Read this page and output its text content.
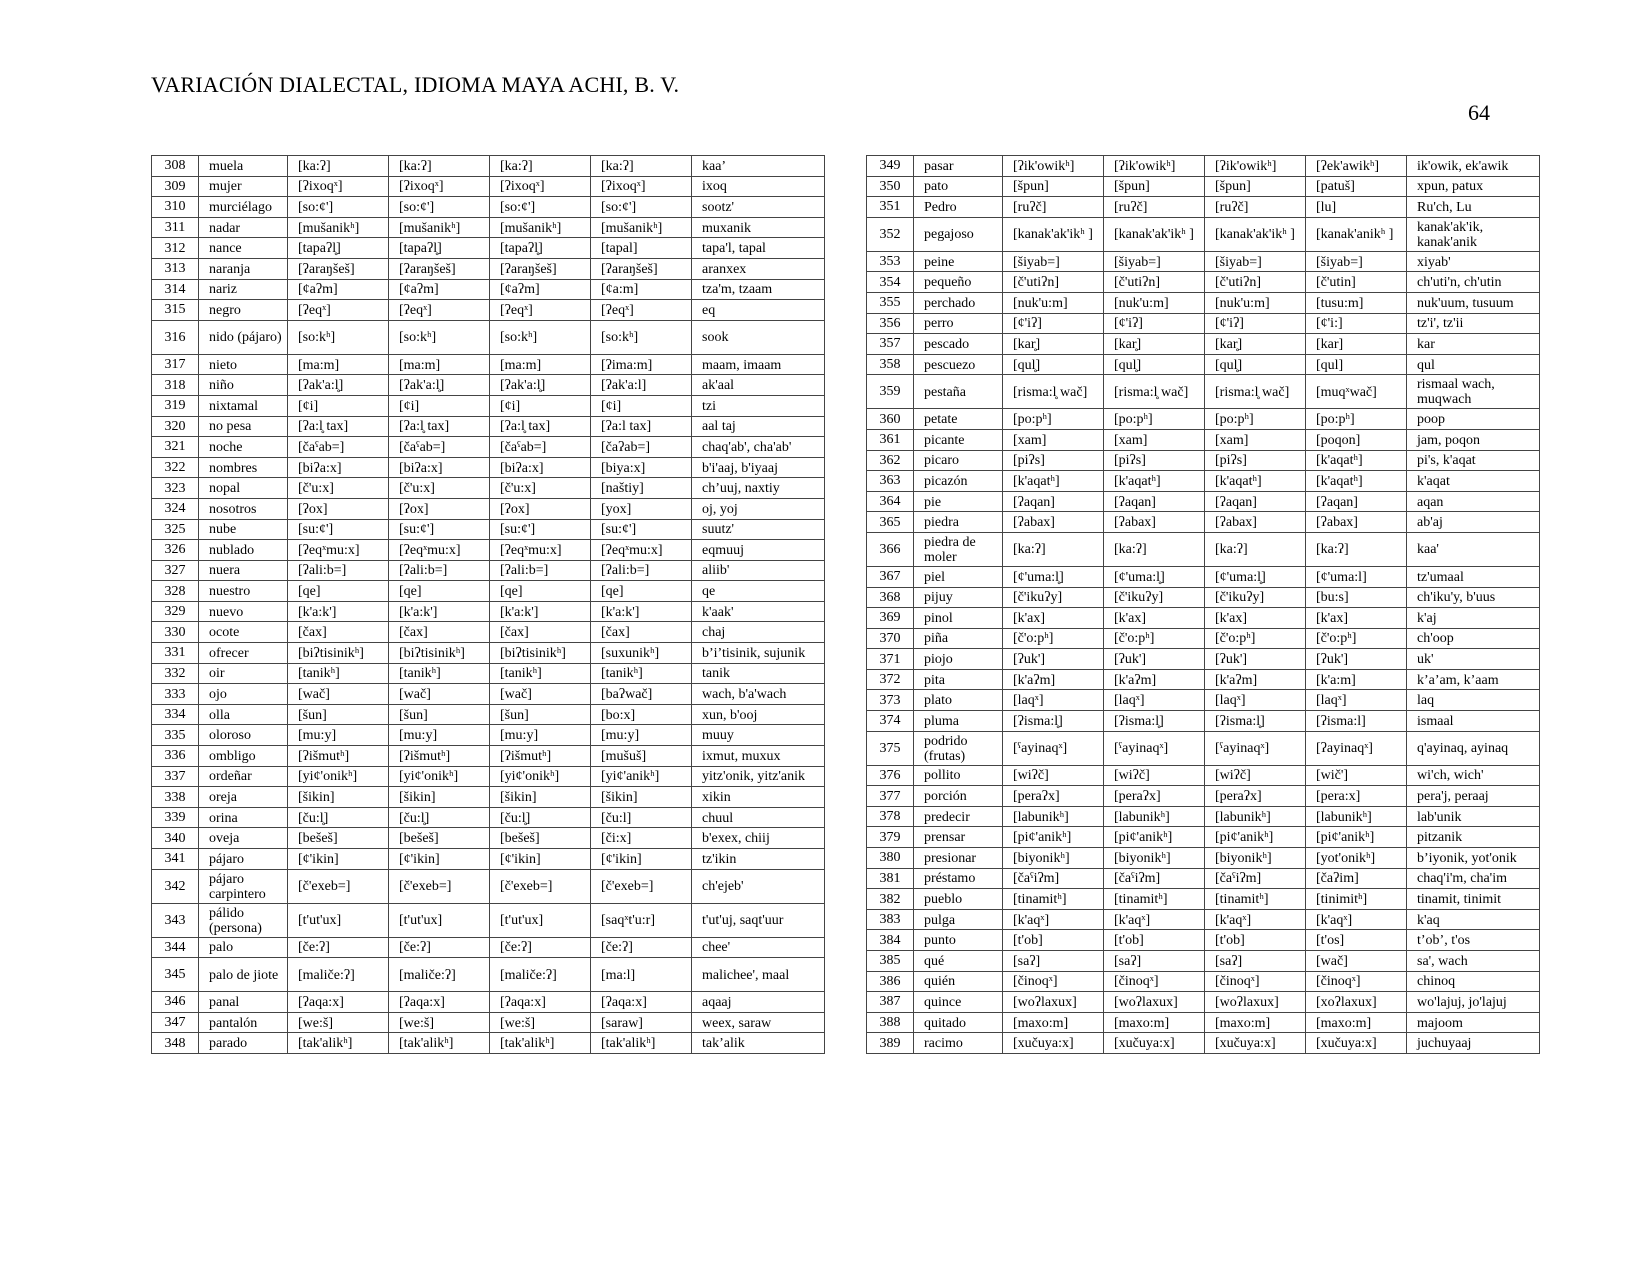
VARIACIÓN DIALECTAL, IDIOMA MAYA ACHI, B. V.
64
308	muela	[ka:ʔ]	[ka:ʔ]	[ka:ʔ]	[ka:ʔ]	kaa’
309	mujer	[ʔixoqˣ]	[ʔixoqˣ]	[ʔixoqˣ]	[ʔixoqˣ]	ixoq
310	murciélago	[so:ȼ']	[so:ȼ']	[so:ȼ']	[so:ȼ']	sootz'
311	nadar	[mušanikʰ]	[mušanikʰ]	[mušanikʰ]	[mušanikʰ]	muxanik
312	nance	[tapaʔl̥]	[tapaʔl̥]	[tapaʔl̥]	[tapal]	tapa'l, tapal
313	naranja	[ʔaraŋšeš]	[ʔaraŋšeš]	[ʔaraŋšeš]	[ʔaraŋšeš]	aranxex
314	nariz	[ȼaʔm]	[ȼaʔm]	[ȼaʔm]	[ȼa:m]	tza'm, tzaam
315	negro	[ʔeqˣ]	[ʔeqˣ]	[ʔeqˣ]	[ʔeqˣ]	eq
316	nido (pájaro)	[so:kʰ]	[so:kʰ]	[so:kʰ]	[so:kʰ]	sook
317	nieto	[ma:m]	[ma:m]	[ma:m]	[ʔima:m]	maam, imaam
318	niño	[ʔak'a:l̥]	[ʔak'a:l̥]	[ʔak'a:l̥]	[ʔak'a:l]	ak'aal
319	nixtamal	[ȼi]	[ȼi]	[ȼi]	[ȼi]	tzi
320	no pesa	[ʔa:l̥ tax]	[ʔa:l̥ tax]	[ʔa:l̥ tax]	[ʔa:l tax]	aal taj
321	noche	[čaˤab=]	[čaˤab=]	[čaˤab=]	[čaʔab=]	chaq'ab', cha'ab'
322	nombres	[biʔa:x]	[biʔa:x]	[biʔa:x]	[biya:x]	b'i'aaj, b'iyaaj
323	nopal	[č'u:x]	[č'u:x]	[č'u:x]	[naštiy]	ch’uuj, naxtiy
324	nosotros	[ʔox]	[ʔox]	[ʔox]	[yox]	oj, yoj
325	nube	[su:ȼ']	[su:ȼ']	[su:ȼ']	[su:ȼ']	suutz'
326	nublado	[ʔeqˣmu:x]	[ʔeqˣmu:x]	[ʔeqˣmu:x]	[ʔeqˣmu:x]	eqmuuj
327	nuera	[ʔali:b=]	[ʔali:b=]	[ʔali:b=]	[ʔali:b=]	aliib'
328	nuestro	[qe]	[qe]	[qe]	[qe]	qe
329	nuevo	[k'a:k']	[k'a:k']	[k'a:k']	[k'a:k']	k'aak'
330	ocote	[čax]	[čax]	[čax]	[čax]	chaj
331	ofrecer	[biʔtisinikʰ]	[biʔtisinikʰ]	[biʔtisinikʰ]	[suxunikʰ]	b’i’tisinik, sujunik
332	oir	[tanikʰ]	[tanikʰ]	[tanikʰ]	[tanikʰ]	tanik
333	ojo	[wač]	[wač]	[wač]	[baʔwač]	wach, b'a'wach
334	olla	[šun]	[šun]	[šun]	[bo:x]	xun, b'ooj
335	oloroso	[mu:y]	[mu:y]	[mu:y]	[mu:y]	muuy
336	ombligo	[ʔišmutʰ]	[ʔišmutʰ]	[ʔišmutʰ]	[mušuš]	ixmut, muxux
337	ordeñar	[yiȼ'onikʰ]	[yiȼ'onikʰ]	[yiȼ'onikʰ]	[yiȼ'anikʰ]	yitz'onik, yitz'anik
338	oreja	[šikin]	[šikin]	[šikin]	[šikin]	xikin
339	orina	[ču:l̥]	[ču:l̥]	[ču:l̥]	[ču:l]	chuul
340	oveja	[bešeš]	[bešeš]	[bešeš]	[či:x]	b'exex, chiij
341	pájaro	[ȼ'ikin]	[ȼ'ikin]	[ȼ'ikin]	[ȼ'ikin]	tz'ikin
342	pájaro carpintero	[č'exeb=]	[č'exeb=]	[č'exeb=]	[č'exeb=]	ch'ejeb'
343	pálido (persona)	[t'ut'ux]	[t'ut'ux]	[t'ut'ux]	[saqˣt'u:r]	t'ut'uj, saqt'uur
344	palo	[če:ʔ]	[če:ʔ]	[če:ʔ]	[če:ʔ]	chee'
345	palo de jiote	[maliče:ʔ]	[maliče:ʔ]	[maliče:ʔ]	[ma:l]	malichee', maal
346	panal	[ʔaqa:x]	[ʔaqa:x]	[ʔaqa:x]	[ʔaqa:x]	aqaaj
347	pantalón	[we:š]	[we:š]	[we:š]	[saraw]	weex, saraw
348	parado	[tak'alikʰ]	[tak'alikʰ]	[tak'alikʰ]	[tak'alikʰ]	tak’alik
349	pasar	[ʔik'owikʰ]	[ʔik'owikʰ]	[ʔik'owikʰ]	[ʔek'awikʰ]	ik'owik, ek'awik
350	pato	[špun]	[špun]	[špun]	[patuš]	xpun, patux
351	Pedro	[ruʔč]	[ruʔč]	[ruʔč]	[lu]	Ru'ch, Lu
352	pegajoso	[kanak'ak'ikʰ ]	[kanak'ak'ikʰ ]	[kanak'ak'ikʰ ]	[kanak'anikʰ ]	kanak'ak'ik, kanak'anik
353	peine	[šiyab=]	[šiyab=]	[šiyab=]	[šiyab=]	xiyab'
354	pequeño	[č'utiʔn]	[č'utiʔn]	[č'utiʔn]	[č'utin]	ch'uti'n, ch'utin
355	perchado	[nuk'u:m]	[nuk'u:m]	[nuk'u:m]	[tusu:m]	nuk'uum, tusuum
356	perro	[ȼ'iʔ]	[ȼ'iʔ]	[ȼ'iʔ]	[ȼ'i:]	tz'i', tz'ii
357	pescado	[kar̥]	[kar̥]	[kar̥]	[kar]	kar
358	pescuezo	[qul̥]	[qul̥]	[qul̥]	[qul]	qul
359	pestaña	[risma:l̥ wač]	[risma:l̥ wač]	[risma:l̥ wač]	[muqˣwač]	rismaal wach, muqwach
360	petate	[po:pʰ]	[po:pʰ]	[po:pʰ]	[po:pʰ]	poop
361	picante	[xam]	[xam]	[xam]	[poqon]	jam, poqon
362	picaro	[piʔs]	[piʔs]	[piʔs]	[k'aqatʰ]	pi's, k'aqat
363	picazón	[k'aqatʰ]	[k'aqatʰ]	[k'aqatʰ]	[k'aqatʰ]	k'aqat
364	pie	[ʔaqan]	[ʔaqan]	[ʔaqan]	[ʔaqan]	aqan
365	piedra	[ʔabax]	[ʔabax]	[ʔabax]	[ʔabax]	ab'aj
366	piedra de moler	[ka:ʔ]	[ka:ʔ]	[ka:ʔ]	[ka:ʔ]	kaa'
367	piel	[ȼ'uma:l̥]	[ȼ'uma:l̥]	[ȼ'uma:l̥]	[ȼ'uma:l]	tz'umaal
368	pijuy	[č'ikuʔy]	[č'ikuʔy]	[č'ikuʔy]	[bu:s]	ch'iku'y, b'uus
369	pinol	[k'ax]	[k'ax]	[k'ax]	[k'ax]	k'aj
370	piña	[č'o:pʰ]	[č'o:pʰ]	[č'o:pʰ]	[č'o:pʰ]	ch'oop
371	piojo	[ʔuk']	[ʔuk']	[ʔuk']	[ʔuk']	uk'
372	pita	[k'aʔm]	[k'aʔm]	[k'aʔm]	[k'a:m]	k’a’am, k’aam
373	plato	[laqˣ]	[laqˣ]	[laqˣ]	[laqˣ]	laq
374	pluma	[ʔisma:l̥]	[ʔisma:l̥]	[ʔisma:l̥]	[ʔisma:l]	ismaal
375	podrido (frutas)	[ˤayinaqˣ]	[ˤayinaqˣ]	[ˤayinaqˣ]	[ʔayinaqˣ]	q'ayinaq, ayinaq
376	pollito	[wiʔč]	[wiʔč]	[wiʔč]	[wič']	wi'ch, wich'
377	porción	[peraʔx]	[peraʔx]	[peraʔx]	[pera:x]	pera'j, peraaj
378	predecir	[labunikʰ]	[labunikʰ]	[labunikʰ]	[labunikʰ]	lab'unik
379	prensar	[piȼ'anikʰ]	[piȼ'anikʰ]	[piȼ'anikʰ]	[piȼ'anikʰ]	pitzanik
380	presionar	[biyonikʰ]	[biyonikʰ]	[biyonikʰ]	[yot'onikʰ]	b’iyonik, yot'onik
381	préstamo	[čaˤiʔm]	[čaˤiʔm]	[čaˤiʔm]	[čaʔim]	chaq'i'm, cha'im
382	pueblo	[tinamitʰ]	[tinamitʰ]	[tinamitʰ]	[tinimitʰ]	tinamit, tinimit
383	pulga	[k'aqˣ]	[k'aqˣ]	[k'aqˣ]	[k'aqˣ]	k'aq
384	punto	[t'ob]	[t'ob]	[t'ob]	[t'os]	t’ob’, t'os
385	qué	[saʔ]	[saʔ]	[saʔ]	[wač]	sa', wach
386	quién	[činoqˣ]	[činoqˣ]	[činoqˣ]	[činoqˣ]	chinoq
387	quince	[woʔlaxux]	[woʔlaxux]	[woʔlaxux]	[xoʔlaxux]	wo'lajuj, jo'lajuj
388	quitado	[maxo:m]	[maxo:m]	[maxo:m]	[maxo:m]	majoom
389	racimo	[xučuya:x]	[xučuya:x]	[xučuya:x]	[xučuya:x]	juchuyaaj
